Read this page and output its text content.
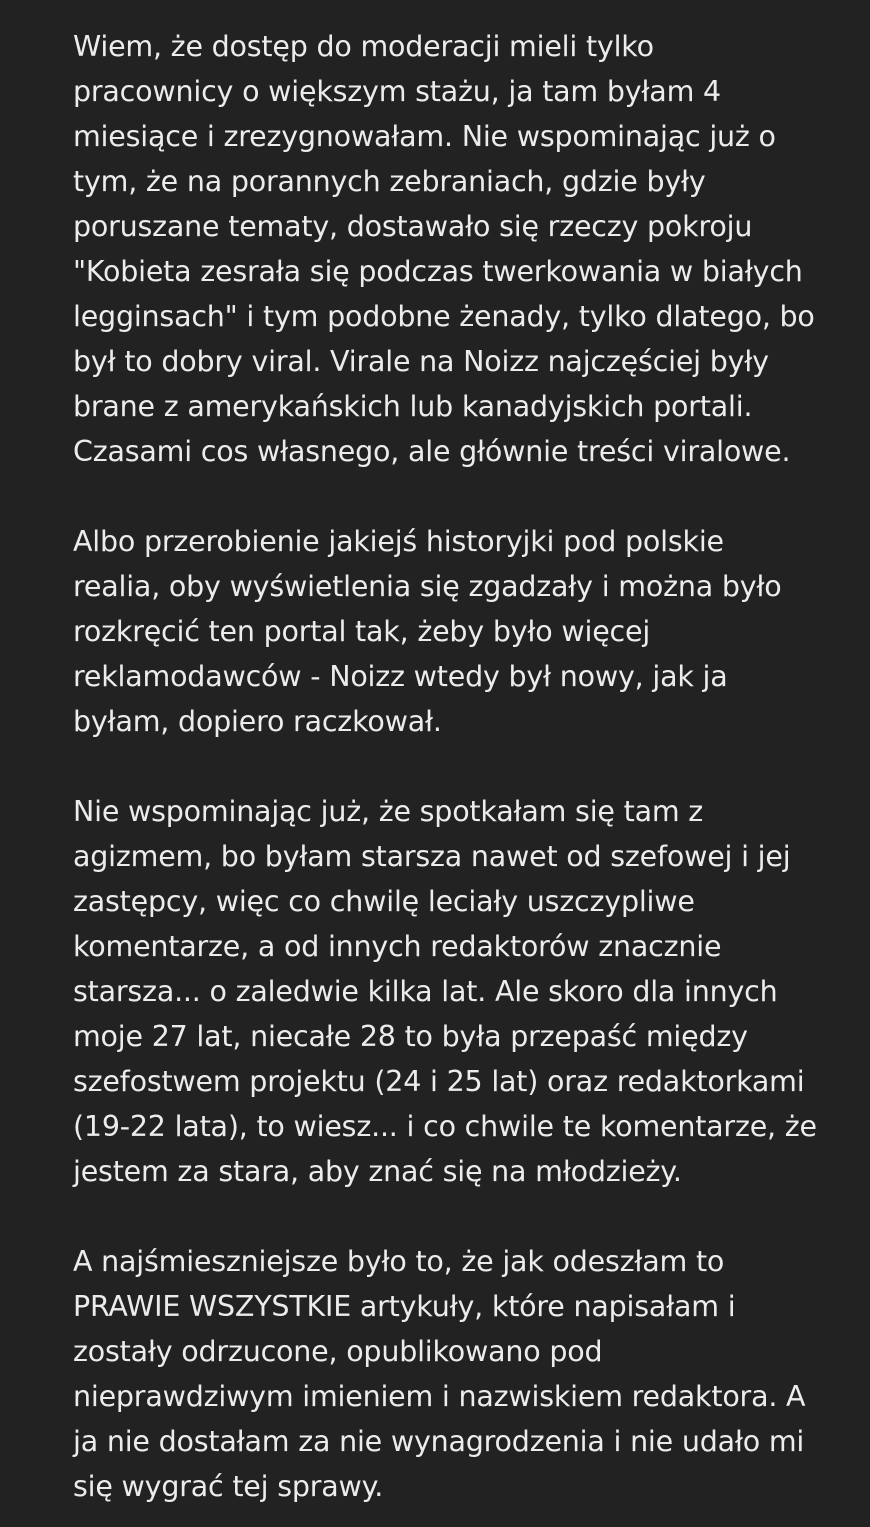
Wiem, że dostęp do moderacji mieli tylko
pracownicy o większym stażu, ja tam byłam 4
miesiące i zrezygnowałam. Nie wspominając już o
tym, że na porannych zebraniach, gdzie były
poruszane tematy, dostawało się rzeczy pokroju
"Kobieta zesrała się podczas twerkowania w białych
legginsach" i tym podobne żenady, tylko dlatego, bo
był to dobry viral. Virale na Noizz najczęściej były
brane z amerykańskich lub kanadyjskich portali.
Czasami cos własnego, ale głównie treści viralowe.
Albo przerobienie jakiejś historyjki pod polskie
realia, oby wyświetlenia się zgadzały i można było
rozkręcić ten portal tak, żeby było więcej
reklamodawców - Noizz wtedy był nowy, jak ja
byłam, dopiero raczkował.
Nie wspominając już, że spotkałam się tam z
agizmem, bo byłam starsza nawet od szefowej i jej
zastępcy, więc co chwilę leciały uszczypliwe
komentarze, a od innych redaktorów znacznie
starsza... o zaledwie kilka lat. Ale skoro dla innych
moje 27 lat, niecałe 28 to była przepaść między
szefostwem projektu (24 i 25 lat) oraz redaktorkami
(19-22 lata), to wiesz... i co chwile te komentarze, że
jestem za stara, aby znać się na młodzieży.
A najśmieszniejsze było to, że jak odeszłam to
PRAWIE WSZYSTKIE artykuły, które napisałam i
zostały odrzucone, opublikowano pod
nieprawdziwym imieniem i nazwiskiem redaktora. A
ja nie dostałam za nie wynagrodzenia i nie udało mi
się wygrać tej sprawy.
